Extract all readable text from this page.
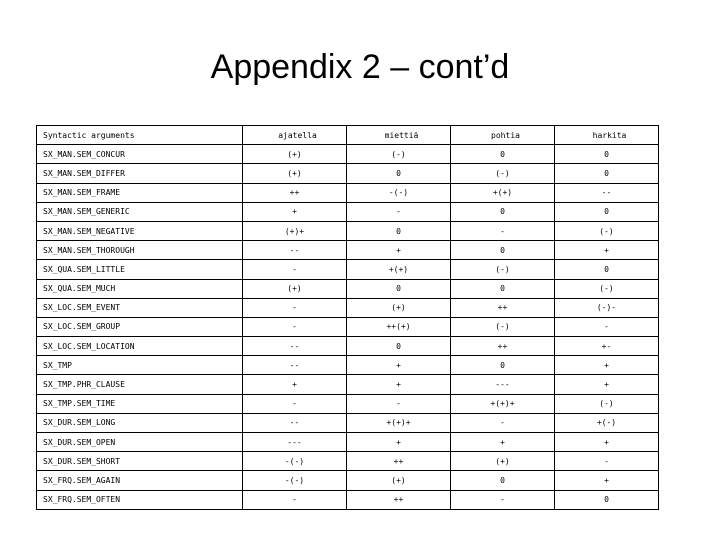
Appendix 2 – cont’d
Syntactic arguments	ajatella	miettiä	pohtia	harkita
SX_MAN.SEM_CONCUR	(+)	(-)	0	0
SX_MAN.SEM_DIFFER	(+)	0	(-)	0
SX_MAN.SEM_FRAME	++	-(-)	+(+)	--
SX_MAN.SEM_GENERIC	+	-	0	0
SX_MAN.SEM_NEGATIVE	(+)+	0	-	(-)
SX_MAN.SEM_THOROUGH	--	+	0	+
SX_QUA.SEM_LITTLE	-	+(+)	(-)	0
SX_QUA.SEM_MUCH	(+)	0	0	(-)
SX_LOC.SEM_EVENT	-	(+)	++	(-)-
SX_LOC.SEM_GROUP	-	++(+)	(-)	-
SX_LOC.SEM_LOCATION	--	0	++	+-
SX_TMP	--	+	0	+
SX_TMP.PHR_CLAUSE	+	+	---	+
SX_TMP.SEM_TIME	-	-	+(+)+	(-)
SX_DUR.SEM_LONG	--	+(+)+	-	+(-)
SX_DUR.SEM_OPEN	---	+	+	+
SX_DUR.SEM_SHORT	-(-)	++	(+)	-
SX_FRQ.SEM_AGAIN	-(-)	(+)	0	+
SX_FRQ.SEM_OFTEN	-	++	-	0
